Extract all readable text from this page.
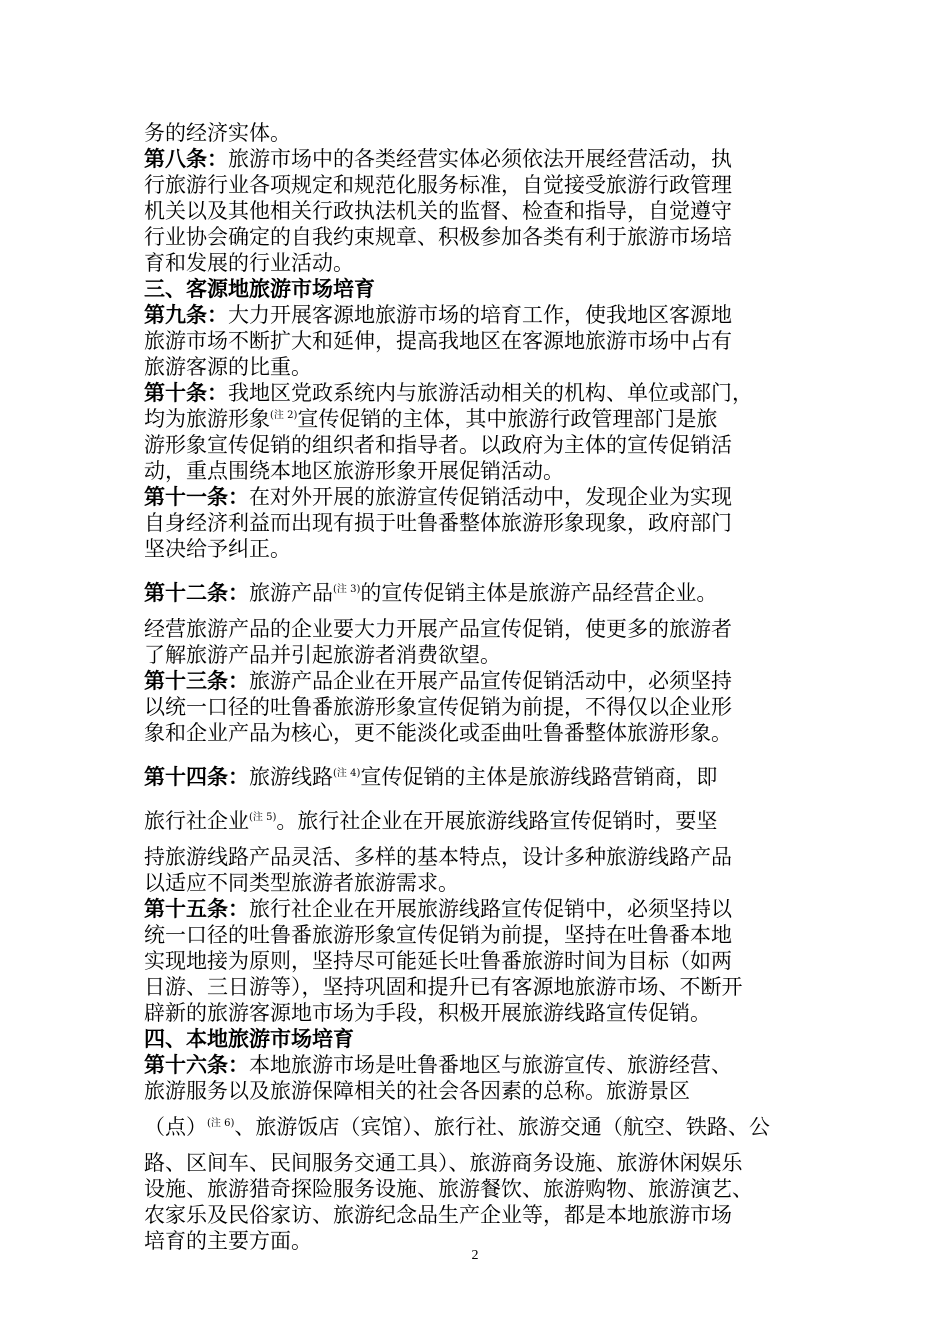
务的经济实体。
第八条：旅游市场中的各类经营实体必须依法开展经营活动，执
行旅游行业各项规定和规范化服务标准，自觉接受旅游行政管理
机关以及其他相关行政执法机关的监督、检查和指导，自觉遵守
行业协会确定的自我约束规章、积极参加各类有利于旅游市场培
育和发展的行业活动。
三、客源地旅游市场培育
第九条：大力开展客源地旅游市场的培育工作，使我地区客源地
旅游市场不断扩大和延伸，提高我地区在客源地旅游市场中占有
旅游客源的比重。
第十条：我地区党政系统内与旅游活动相关的机构、单位或部门，
均为旅游形象$^{(注 2)}$宣传促销的主体，其中旅游行政管理部门是旅
游形象宣传促销的组织者和指导者。以政府为主体的宣传促销活
动，重点围绕本地区旅游形象开展促销活动。
第十一条：在对外开展的旅游宣传促销活动中，发现企业为实现
自身经济利益而出现有损于吐鲁番整体旅游形象现象，政府部门
坚决给予纠正。
第十二条：旅游产品$^{(注 3)}$的宣传促销主体是旅游产品经营企业。
经营旅游产品的企业要大力开展产品宣传促销，使更多的旅游者
了解旅游产品并引起旅游者消费欲望。
第十三条：旅游产品企业在开展产品宣传促销活动中，必须坚持
以统一口径的吐鲁番旅游形象宣传促销为前提，不得仅以企业形
象和企业产品为核心，更不能淡化或歪曲吐鲁番整体旅游形象。
第十四条：旅游线路$^{(注 4)}$宣传促销的主体是旅游线路营销商，即
旅行社企业$^{(注 5)}$。旅行社企业在开展旅游线路宣传促销时，要坚
持旅游线路产品灵活、多样的基本特点，设计多种旅游线路产品
以适应不同类型旅游者旅游需求。
第十五条：旅行社企业在开展旅游线路宣传促销中，必须坚持以
统一口径的吐鲁番旅游形象宣传促销为前提，坚持在吐鲁番本地
实现地接为原则，坚持尽可能延长吐鲁番旅游时间为目标（如两
日游、三日游等），坚持巩固和提升已有客源地旅游市场、不断开
辟新的旅游客源地市场为手段，积极开展旅游线路宣传促销。
四、本地旅游市场培育
第十六条：本地旅游市场是吐鲁番地区与旅游宣传、旅游经营、
旅游服务以及旅游保障相关的社会各因素的总称。旅游景区
（点）$^{(注 6)}$、旅游饭店（宾馆）、旅行社、旅游交通（航空、铁路、公
路、区间车、民间服务交通工具）、旅游商务设施、旅游休闲娱乐
设施、旅游猎奇探险服务设施、旅游餐饮、旅游购物、旅游演艺、
农家乐及民俗家访、旅游纪念品生产企业等，都是本地旅游市场
培育的主要方面。
2
